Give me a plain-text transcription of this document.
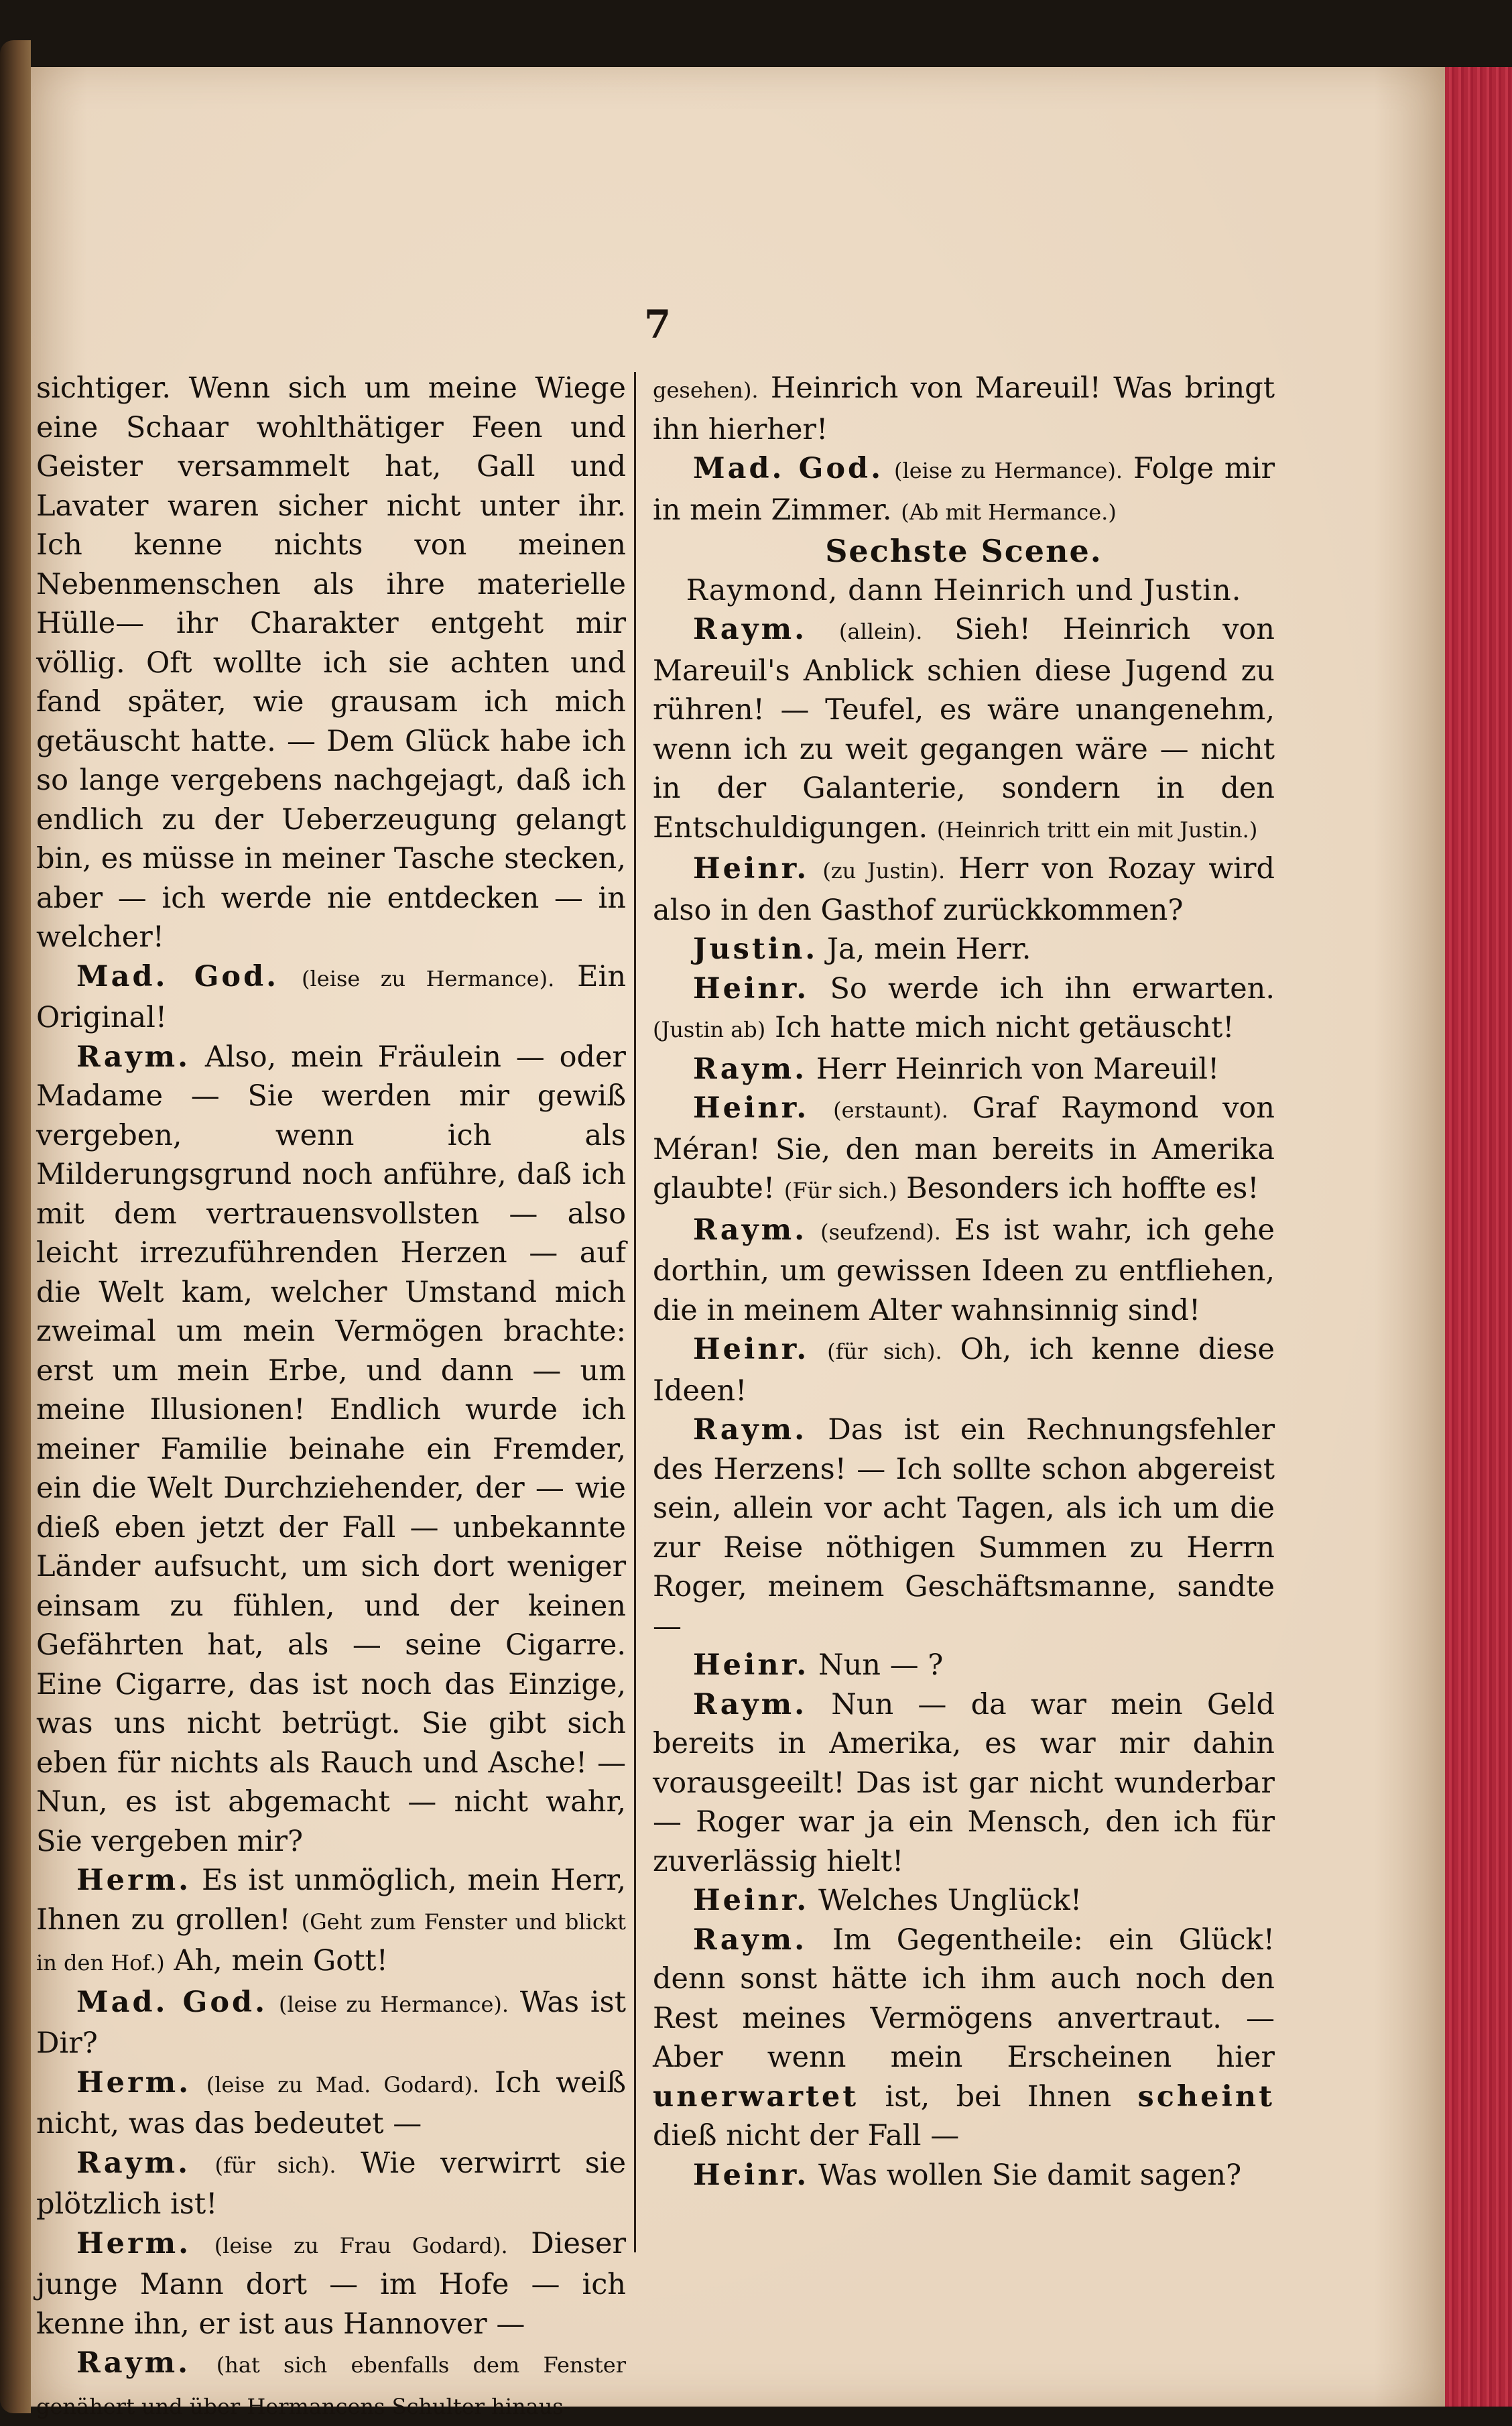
7

sichtiger. Wenn sich um meine Wiege eine Schaar wohlthätiger Feen und Geister versammelt hat, Gall und Lavater waren sicher nicht unter ihr. Ich kenne nichts von meinen Nebenmenschen als ihre materielle Hülle— ihr Charakter entgeht mir völlig. Oft wollte ich sie achten und fand später, wie grausam ich mich getäuscht hatte. — Dem Glück habe ich so lange vergebens nachgejagt, daß ich endlich zu der Ueberzeugung gelangt bin, es müsse in meiner Tasche stecken, aber — ich werde nie entdecken — in welcher!

Mad. God. (leise zu Hermance). Ein Original!

Raym. Also, mein Fräulein — oder Madame — Sie werden mir gewiß vergeben, wenn ich als Milderungsgrund noch anführe, daß ich mit dem vertrauensvollsten — also leicht irrezuführenden Herzen — auf die Welt kam, welcher Umstand mich zweimal um mein Vermögen brachte: erst um mein Erbe, und dann — um meine Illusionen! Endlich wurde ich meiner Familie beinahe ein Fremder, ein die Welt Durchziehender, der — wie dieß eben jetzt der Fall — unbekannte Länder aufsucht, um sich dort weniger einsam zu fühlen, und der keinen Gefährten hat, als — seine Cigarre. Eine Cigarre, das ist noch das Einzige, was uns nicht betrügt. Sie gibt sich eben für nichts als Rauch und Asche! — Nun, es ist abgemacht — nicht wahr, Sie vergeben mir?

Herm. Es ist unmöglich, mein Herr, Ihnen zu grollen! (Geht zum Fenster und blickt in den Hof.) Ah, mein Gott!

Mad. God. (leise zu Hermance). Was ist Dir?

Herm. (leise zu Mad. Godard). Ich weiß nicht, was das bedeutet —

Raym. (für sich). Wie verwirrt sie plötzlich ist!

Herm. (leise zu Frau Godard). Dieser junge Mann dort — im Hofe — ich kenne ihn, er ist aus Hannover —

Raym. (hat sich ebenfalls dem Fenster genähert und über Hermancens Schulter hinaus-

gesehen). Heinrich von Mareuil! Was bringt ihn hierher!

Mad. God. (leise zu Hermance). Folge mir in mein Zimmer. (Ab mit Hermance.)

Sechste Scene.

Raymond, dann Heinrich und Justin.

Raym. (allein). Sieh! Heinrich von Mareuil's Anblick schien diese Jugend zu rühren! — Teufel, es wäre unangenehm, wenn ich zu weit gegangen wäre — nicht in der Galanterie, sondern in den Entschuldigungen. (Heinrich tritt ein mit Justin.)

Heinr. (zu Justin). Herr von Rozay wird also in den Gasthof zurückkommen?

Justin. Ja, mein Herr.

Heinr. So werde ich ihn erwarten. (Justin ab) Ich hatte mich nicht getäuscht!

Raym. Herr Heinrich von Mareuil!

Heinr. (erstaunt). Graf Raymond von Méran! Sie, den man bereits in Amerika glaubte! (Für sich.) Besonders ich hoffte es!

Raym. (seufzend). Es ist wahr, ich gehe dorthin, um gewissen Ideen zu entfliehen, die in meinem Alter wahnsinnig sind!

Heinr. (für sich). Oh, ich kenne diese Ideen!

Raym. Das ist ein Rechnungsfehler des Herzens! — Ich sollte schon abgereist sein, allein vor acht Tagen, als ich um die zur Reise nöthigen Summen zu Herrn Roger, meinem Geschäftsmanne, sandte —

Heinr. Nun — ?

Raym. Nun — da war mein Geld bereits in Amerika, es war mir dahin vorausgeeilt! Das ist gar nicht wunderbar — Roger war ja ein Mensch, den ich für zuverlässig hielt!

Heinr. Welches Unglück!

Raym. Im Gegentheile: ein Glück! denn sonst hätte ich ihm auch noch den Rest meines Vermögens anvertraut. — Aber wenn mein Erscheinen hier unerwartet ist, bei Ihnen scheint dieß nicht der Fall —

Heinr. Was wollen Sie damit sagen?
